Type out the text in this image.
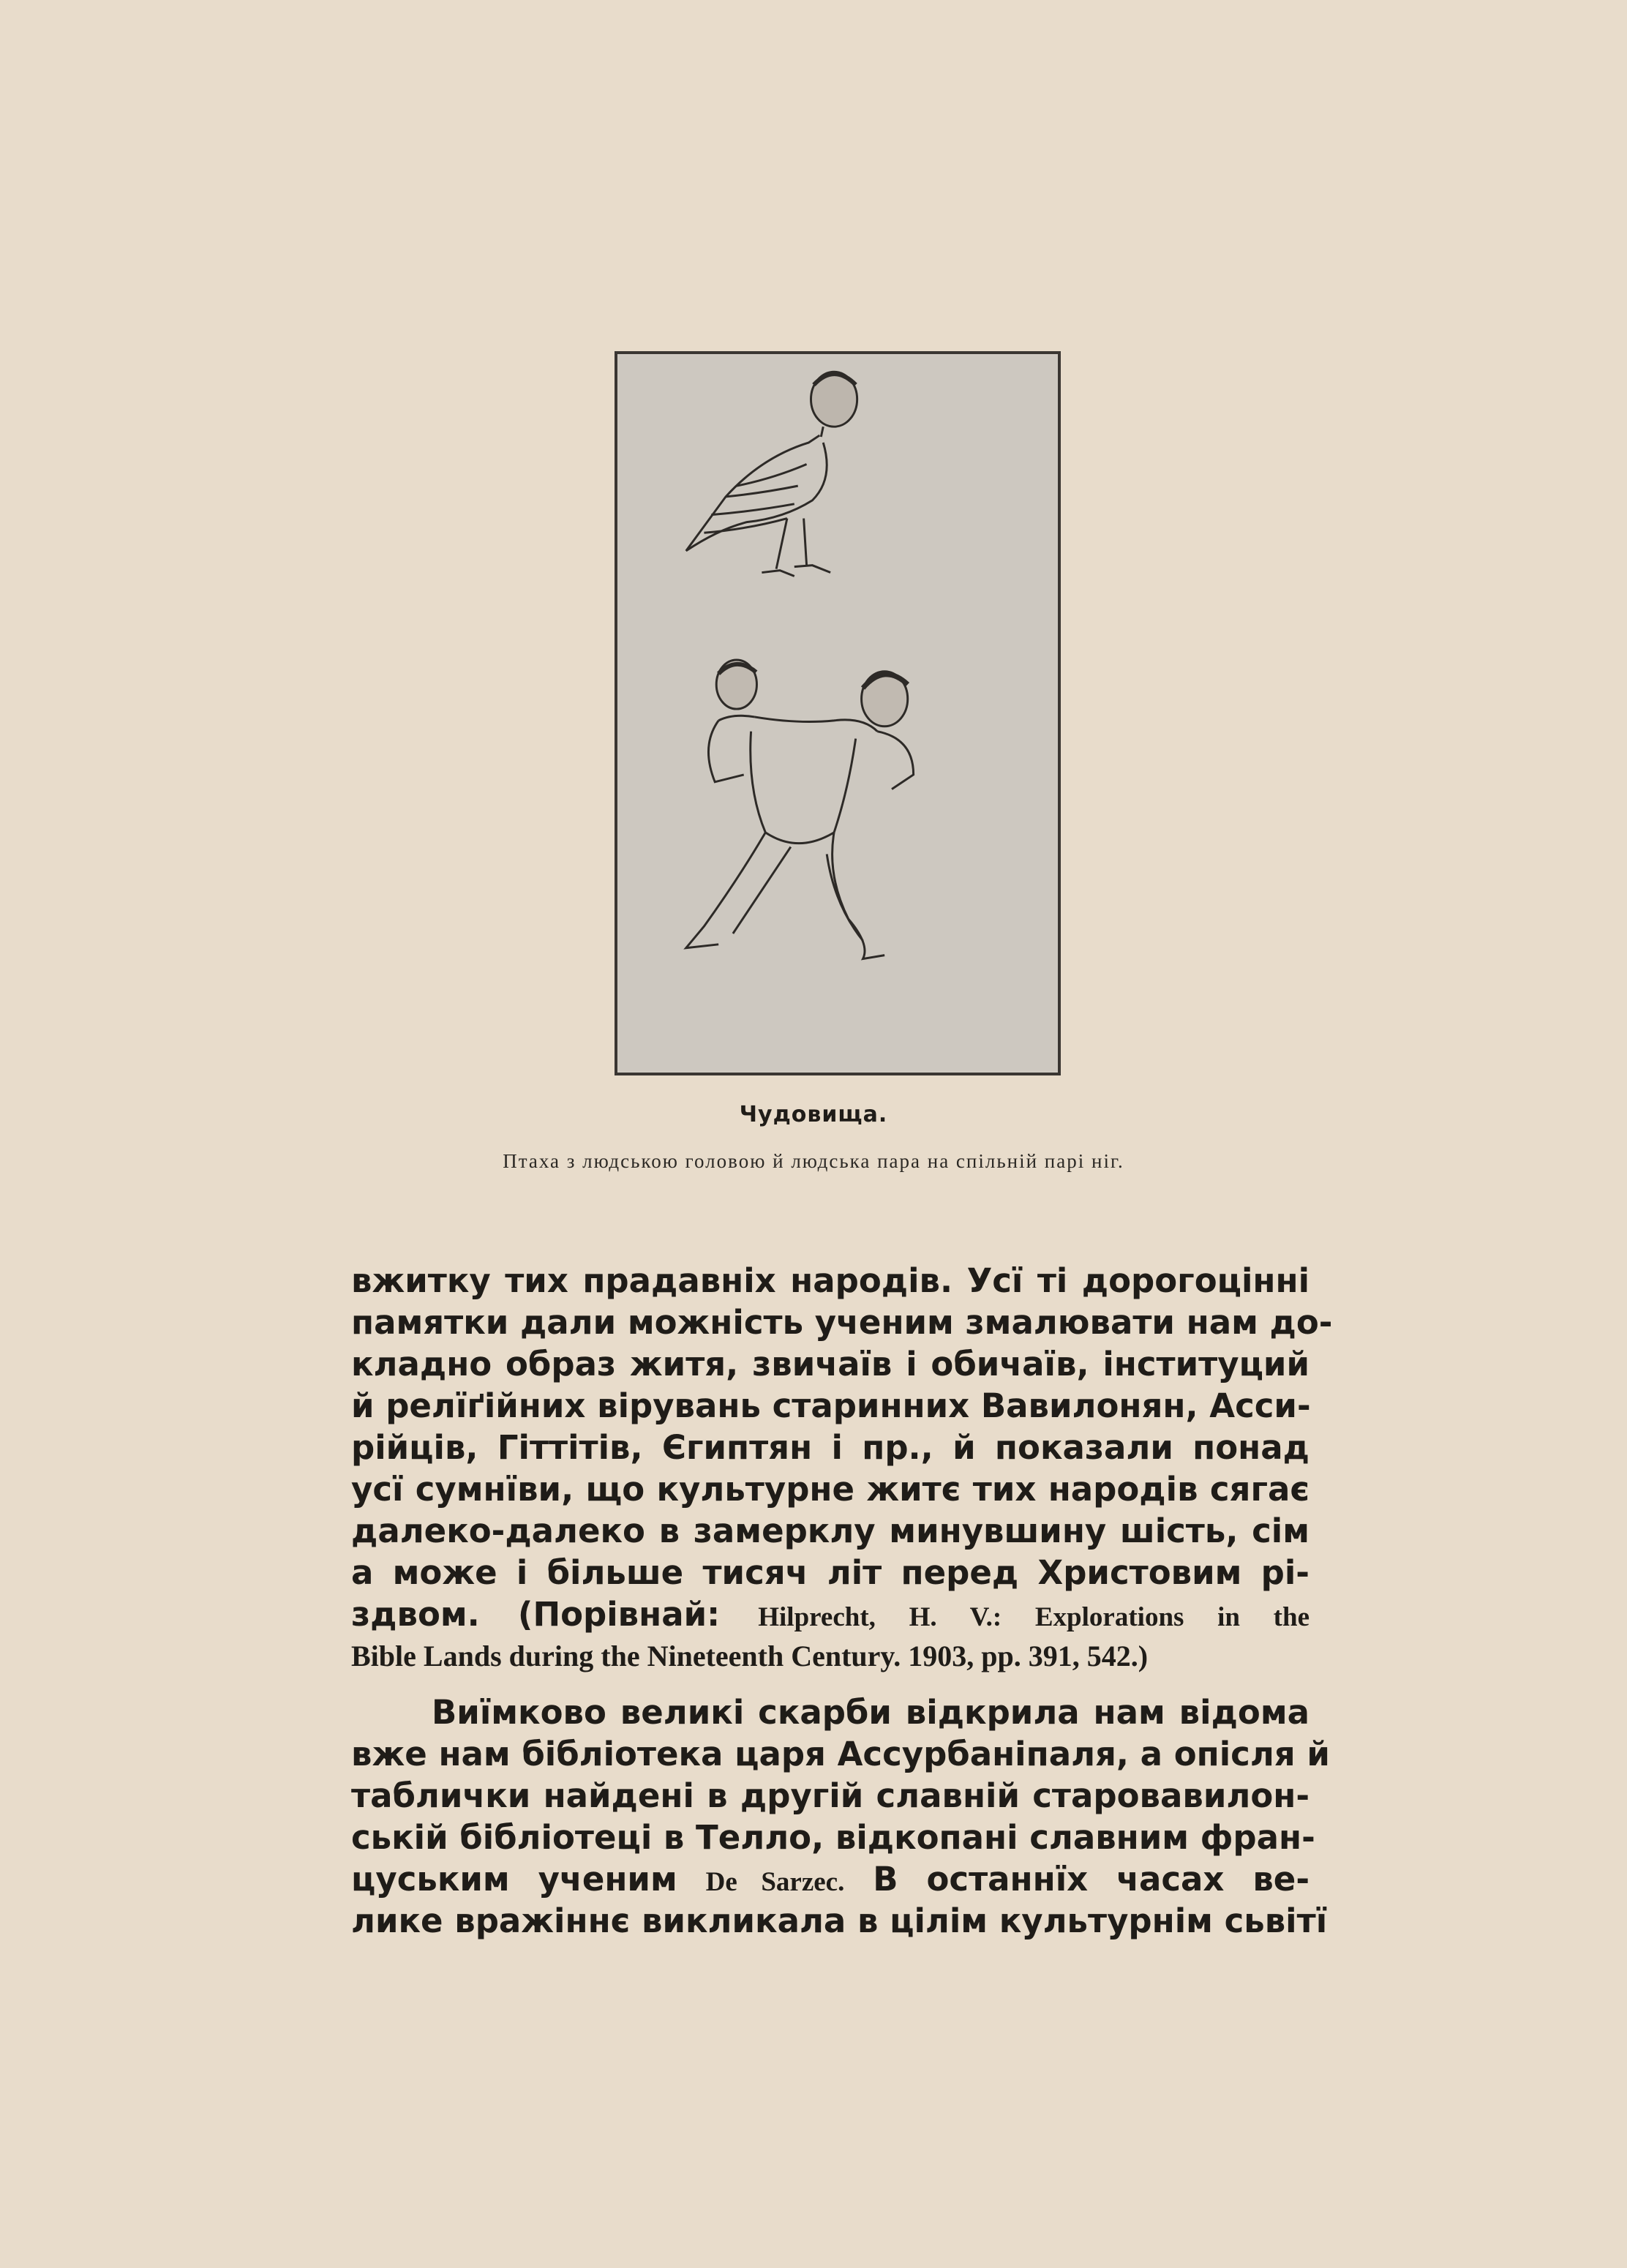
Чудовища.
Птаха з людською головою й людська пара на спільній парі ніг.
вжитку тих прадавніх народів. Усї ті дорогоцінні
памятки дали можність ученим змалювати нам до-
кладно образ житя, звичаїв і обичаїв, інституций
й релїґійних вірувань старинних Вавилонян, Асси-
рійців, Гіттітів, Єгиптян і пр., й показали понад
усї сумнїви, що культурне житє тих народів сягає
далеко-далеко в замерклу минувшину шість, сім
а може і більше тисяч літ перед Христовим рі-
здвом. (Порівнай: Hilprecht, H. V.: Explorations in the
Bible Lands during the Nineteenth Century. 1903, pp. 391, 542.)
Виїмково великі скарби відкрила нам відома
вже нам бібліотека царя Ассурбаніпаля, а опісля й
таблички найдені в другій славній старовавилон-
ській бібліотеці в Телло, відкопані славним фран-
цуським ученим De Sarzec. В останнїх часах ве-
лике вражіннє викликала в цілім культурнім сьвітї
